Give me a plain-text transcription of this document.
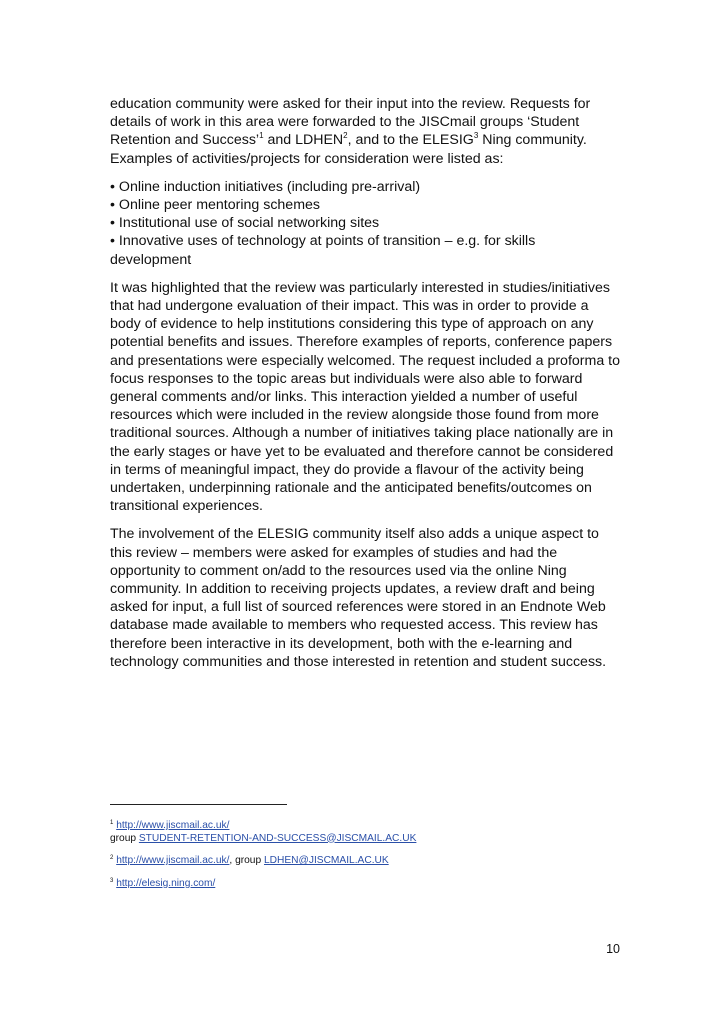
education community were asked for their input into the review. Requests for details of work in this area were forwarded to the JISCmail groups ‘Student Retention and Success’$^1$ and LDHEN$^2$, and to the ELESIG$^3$ Ning community. Examples of activities/projects for consideration were listed as:

• Online induction initiatives (including pre-arrival)
• Online peer mentoring schemes
• Institutional use of social networking sites
• Innovative uses of technology at points of transition – e.g. for skills development

It was highlighted that the review was particularly interested in studies/initiatives that had undergone evaluation of their impact. This was in order to provide a body of evidence to help institutions considering this type of approach on any potential benefits and issues. Therefore examples of reports, conference papers and presentations were especially welcomed. The request included a proforma to focus responses to the topic areas but individuals were also able to forward general comments and/or links. This interaction yielded a number of useful resources which were included in the review alongside those found from more traditional sources. Although a number of initiatives taking place nationally are in the early stages or have yet to be evaluated and therefore cannot be considered in terms of meaningful impact, they do provide a flavour of the activity being undertaken, underpinning rationale and the anticipated benefits/outcomes on transitional experiences.

The involvement of the ELESIG community itself also adds a unique aspect to this review – members were asked for examples of studies and had the opportunity to comment on/add to the resources used via the online Ning community. In addition to receiving projects updates, a review draft and being asked for input, a full list of sourced references were stored in an Endnote Web database made available to members who requested access. This review has therefore been interactive in its development, both with the e-learning and technology communities and those interested in retention and student success.

$^1$ http://www.jiscmail.ac.uk/
group STUDENT-RETENTION-AND-SUCCESS@JISCMAIL.AC.UK
$^2$ http://www.jiscmail.ac.uk/, group LDHEN@JISCMAIL.AC.UK
$^3$ http://elesig.ning.com/
10
